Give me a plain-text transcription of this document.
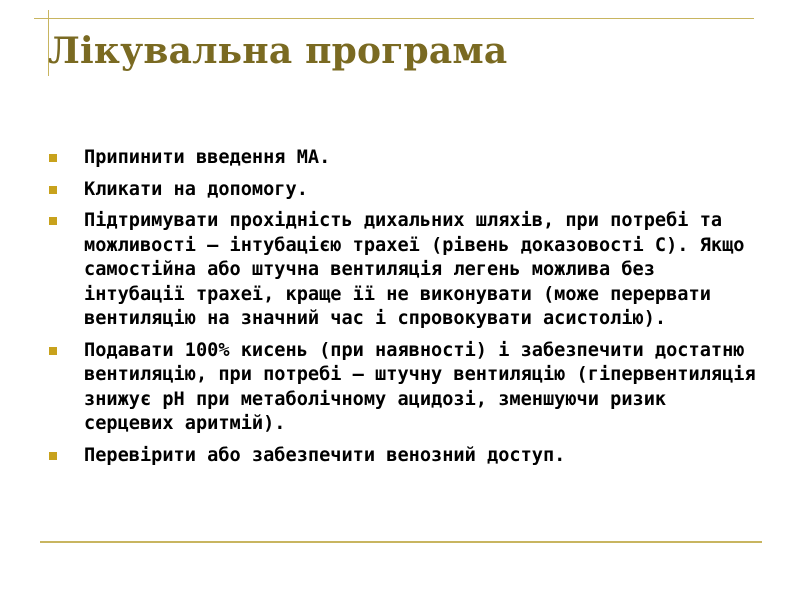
Лікувальна програма
Припинити введення МА.
Кликати на допомогу.
Підтримувати прохідність дихальних шляхів, при потребі та можливості – інтубацією трахеї (рівень доказовості С). Якщо самостійна або штучна вентиляція легень можлива без інтубації трахеї, краще її не виконувати (може перервати вентиляцію на значний час і спровокувати асистолію).
Подавати 100% кисень (при наявності) і забезпечити достатню вентиляцію, при потребі – штучну вентиляцію (гіпервентиляція знижує рН при метаболічному ацидозі, зменшуючи ризик серцевих аритмій).
Перевірити або забезпечити венозний доступ.
